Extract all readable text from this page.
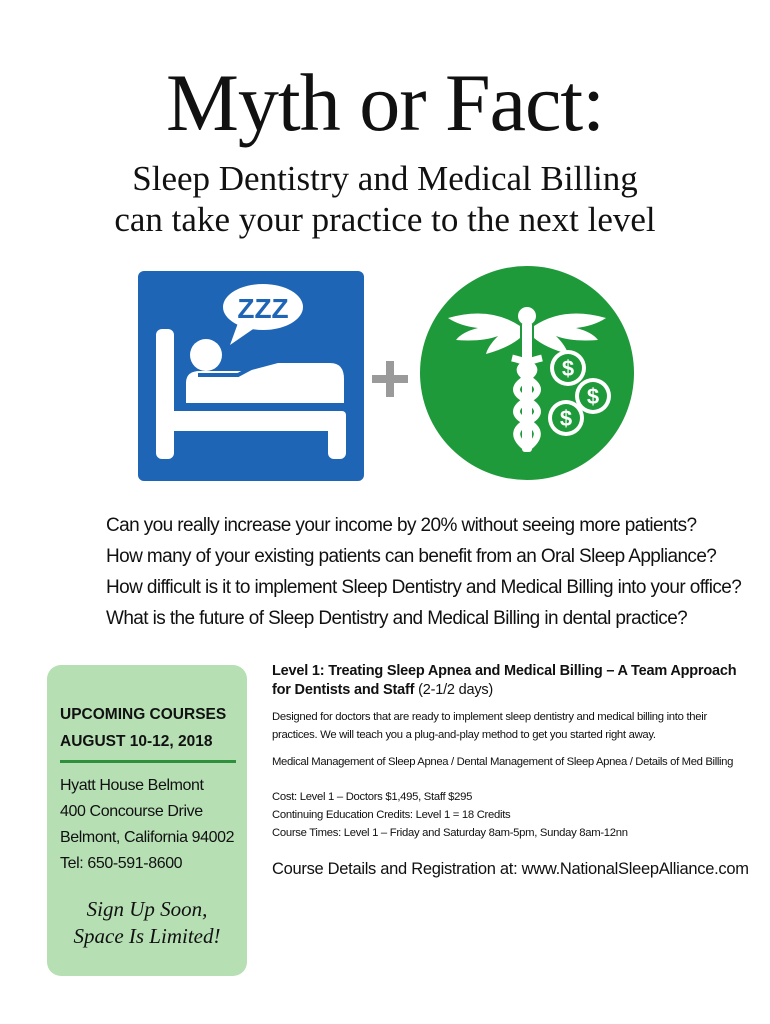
Myth or Fact:
Sleep Dentistry and Medical Billing
can take your practice to the next level
ZZZ
$
$
$
Can you really increase your income by 20% without seeing more patients?
How many of your existing patients can benefit from an Oral Sleep Appliance?
How difficult is it to implement Sleep Dentistry and Medical Billing into your office?
What is the future of Sleep Dentistry and Medical Billing in dental practice?
UPCOMING COURSES
AUGUST 10-12, 2018
Hyatt House Belmont
400 Concourse Drive
Belmont, California 94002
Tel: 650-591-8600
Sign Up Soon,
Space Is Limited!
Level 1: Treating Sleep Apnea and Medical Billing – A Team Approach for Dentists and Staff (2-1/2 days)
Designed for doctors that are ready to implement sleep dentistry and medical billing into their practices. We will teach you a plug-and-play method to get you started right away.
Medical Management of Sleep Apnea / Dental Management of Sleep Apnea / Details of Med Billing
Cost: Level 1 – Doctors $1,495, Staff $295
Continuing Education Credits: Level 1 = 18 Credits
Course Times: Level 1 – Friday and Saturday 8am-5pm, Sunday 8am-12nn
Course Details and Registration at: www.NationalSleepAlliance.com
